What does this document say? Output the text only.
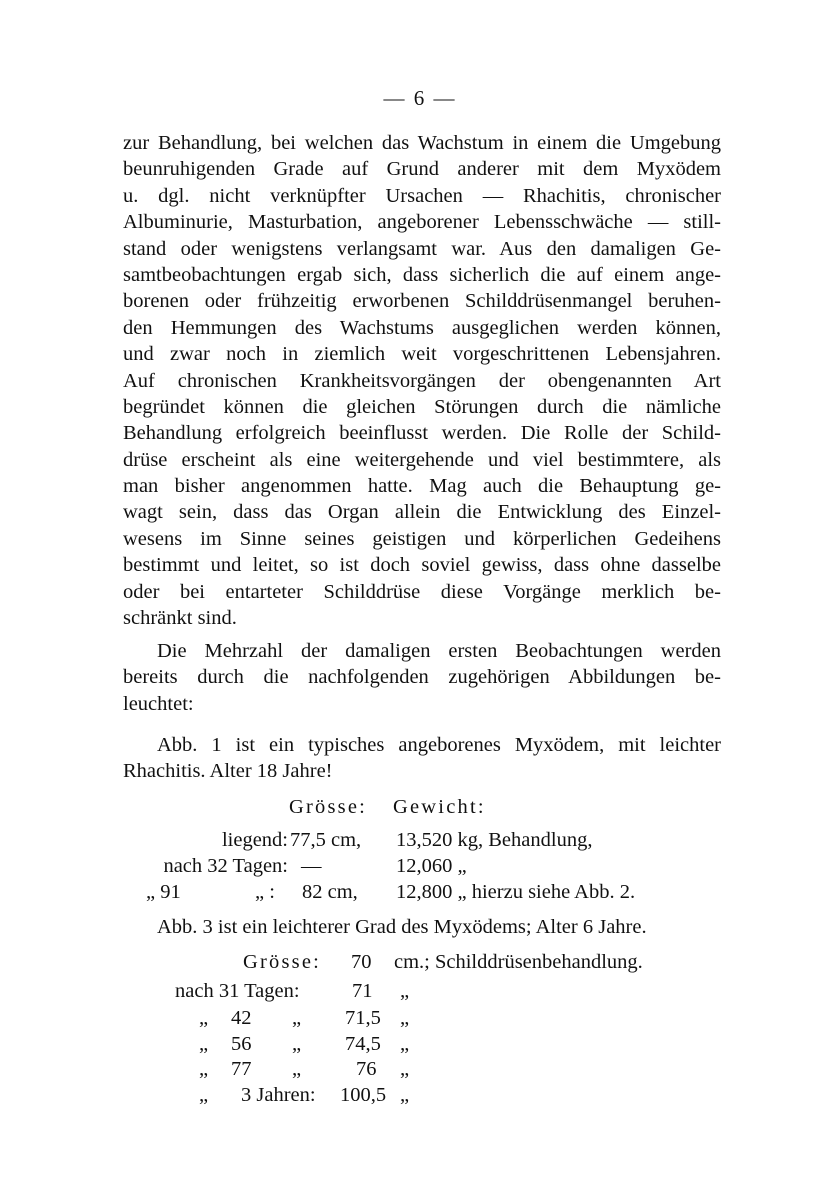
— 6 —
zur Behandlung, bei welchen das Wachstum in einem die Umgebung
beunruhigenden Grade auf Grund anderer mit dem Myxödem
u. dgl. nicht verknüpfter Ursachen — Rhachitis, chronischer
Albuminurie, Masturbation, angeborener Lebensschwäche — still-
stand oder wenigstens verlangsamt war. Aus den damaligen Ge-
samtbeobachtungen ergab sich, dass sicherlich die auf einem ange-
borenen oder frühzeitig erworbenen Schilddrüsenmangel beruhen-
den Hemmungen des Wachstums ausgeglichen werden können,
und zwar noch in ziemlich weit vorgeschrittenen Lebensjahren.
Auf chronischen Krankheitsvorgängen der obengenannten Art
begründet können die gleichen Störungen durch die nämliche
Behandlung erfolgreich beeinflusst werden. Die Rolle der Schild-
drüse erscheint als eine weitergehende und viel bestimmtere, als
man bisher angenommen hatte. Mag auch die Behauptung ge-
wagt sein, dass das Organ allein die Entwicklung des Einzel-
wesens im Sinne seines geistigen und körperlichen Gedeihens
bestimmt und leitet, so ist doch soviel gewiss, dass ohne dasselbe
oder bei entarteter Schilddrüse diese Vorgänge merklich be-
schränkt sind.
Die Mehrzahl der damaligen ersten Beobachtungen werden
bereits durch die nachfolgenden zugehörigen Abbildungen be-
leuchtet:
Abb. 1 ist ein typisches angeborenes Myxödem, mit leichter
Rhachitis. Alter 18 Jahre!
Grösse: Gewicht:
liegend: 77,5 cm, 13,520 kg, Behandlung,
nach 32 Tagen: —	12,060 „
„ 91	„ : 82 cm, 12,800 „ hierzu siehe Abb. 2.
Abb. 3 ist ein leichterer Grad des Myxödems; Alter 6 Jahre.
Grösse: 70 cm.; Schilddrüsenbehandlung.
nach 31 Tagen:	71 „
„ 42 „ 71,5 „
„ 56 „ 74,5 „
„ 77 „	76 „
„ 3 Jahren: 100,5 „
